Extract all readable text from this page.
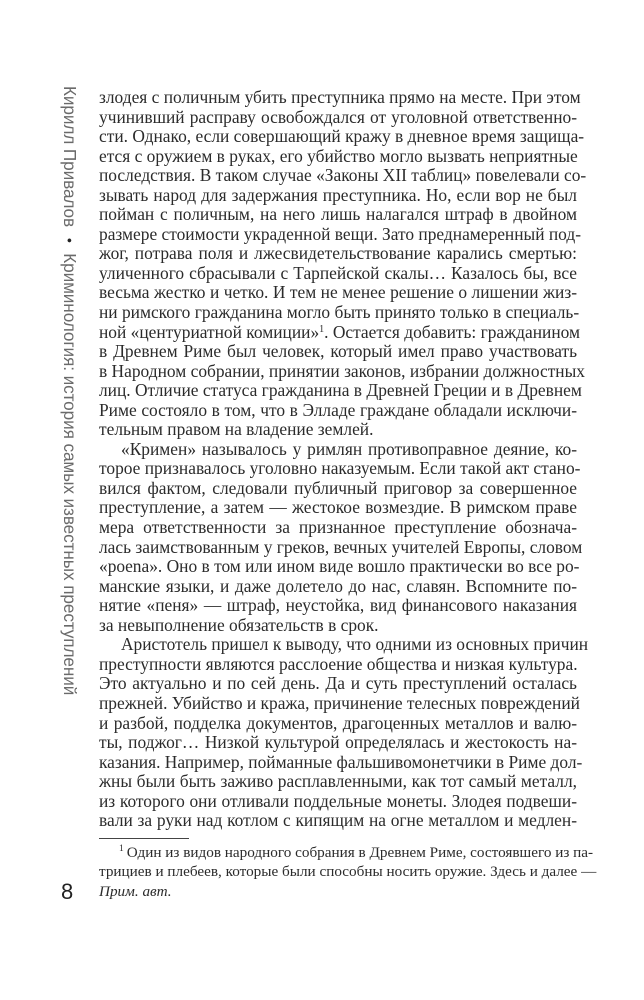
Кирилл Привалов • Криминология: история самых известных преступлений
злодея с поличным убить преступника прямо на месте. При этом
учинивший расправу освобождался от уголовной ответственно-
сти. Однако, если совершающий кражу в дневное время защища-
ется с оружием в руках, его убийство могло вызвать неприятные
последствия. В таком случае «Законы XII таблиц» повелевали со-
зывать народ для задержания преступника. Но, если вор не был
пойман с поличным, на него лишь налагался штраф в двойном
размере стоимости украденной вещи. Зато преднамеренный под-
жог, потрава поля и лжесвидетельствование карались смертью:
уличенного сбрасывали с Тарпейской скалы… Казалось бы, все
весьма жестко и четко. И тем не менее решение о лишении жиз-
ни римского гражданина могло быть принято только в специаль-
ной «центуриатной комиции»$^1$. Остается добавить: гражданином
в Древнем Риме был человек, который имел право участвовать
в Народном собрании, принятии законов, избрании должностных
лиц. Отличие статуса гражданина в Древней Греции и в Древнем
Риме состояло в том, что в Элладе граждане обладали исключи-
тельным правом на владение землей.
«Кримен» называлось у римлян противоправное деяние, ко-
торое признавалось уголовно наказуемым. Если такой акт стано-
вился фактом, следовали публичный приговор за совершенное
преступление, а затем — жестокое возмездие. В римском праве
мера ответственности за признанное преступление обознача-
лась заимствованным у греков, вечных учителей Европы, словом
«poena». Оно в том или ином виде вошло практически во все ро-
манские языки, и даже долетело до нас, славян. Вспомните по-
нятие «пеня» — штраф, неустойка, вид финансового наказания
за невыполнение обязательств в срок.
Аристотель пришел к выводу, что одними из основных причин
преступности являются расслоение общества и низкая культура.
Это актуально и по сей день. Да и суть преступлений осталась
прежней. Убийство и кража, причинение телесных повреждений
и разбой, подделка документов, драгоценных металлов и валю-
ты, поджог… Низкой культурой определялась и жестокость на-
казания. Например, пойманные фальшивомонетчики в Риме дол-
жны были быть заживо расплавленными, как тот самый металл,
из которого они отливали поддельные монеты. Злодея подвеши-
вали за руки над котлом с кипящим на огне металлом и медлен-
$^1$ Один из видов народного собрания в Древнем Риме, состоявшего из па-
трициев и плебеев, которые были способны носить оружие. Здесь и далее —
Прим. авт.
8
